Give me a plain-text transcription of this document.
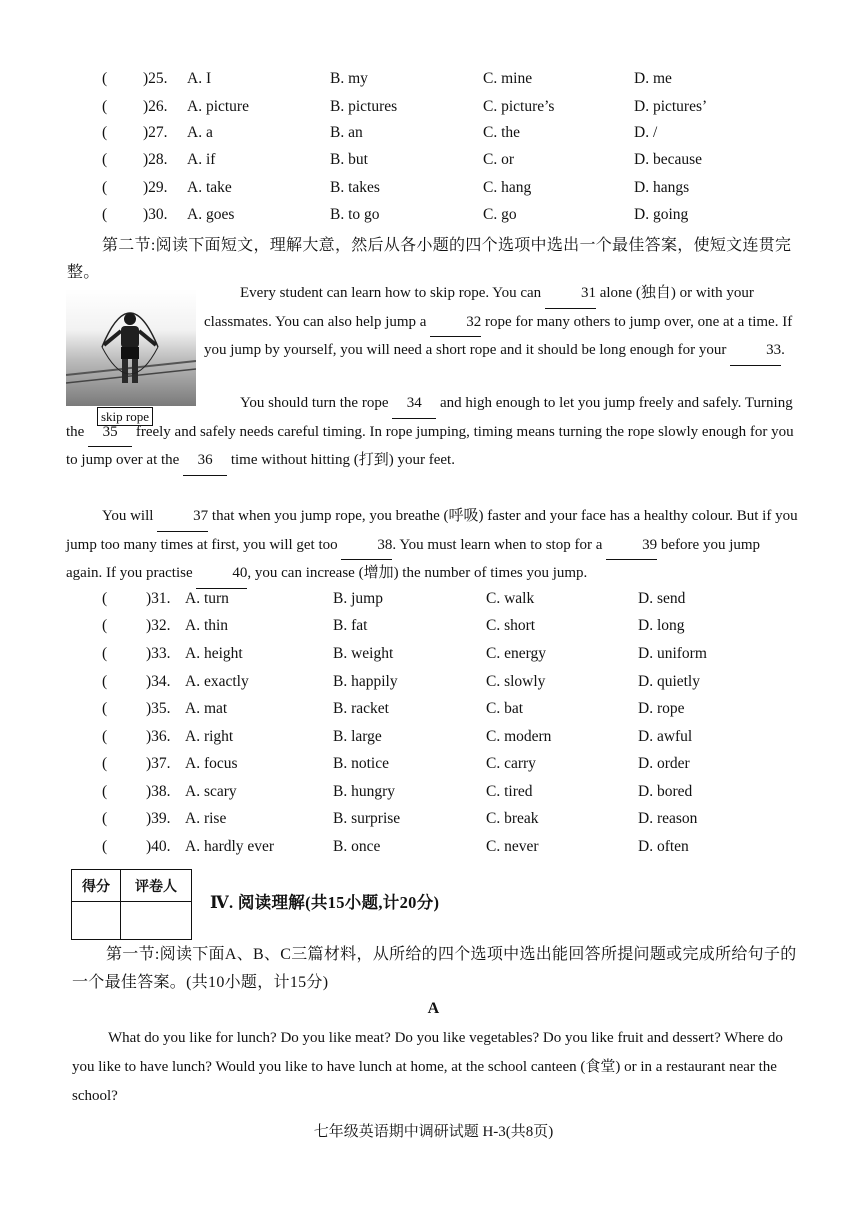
( )25. A. I	B. my	C. mine	D. me
( )26. A. picture	B. pictures	C. picture’s	D. pictures’
( )27. A. a	B. an	C. the	D. /
( )28. A. if	B. but	C. or	D. because
( )29. A. take	B. takes	C. hang	D. hangs
( )30. A. goes	B. to go	C. go	D. going
第二节:阅读下面短文，理解大意，然后从各小题的四个选项中选出一个最佳答案，使短文连贯完整。
skip rope
Every student can learn how to skip rope. You can	31 alone (独自) or with your classmates. You can also help jump a	32 rope for many others to jump over, one at a time. If you jump by yourself, you will need a short rope and it should be long enough for your	33.
You should turn the rope 34 and high enough to let you jump freely and safely. Turning the 35 freely and safely needs careful timing. In rope jumping, timing means turning the rope slowly enough for you to jump over at the 36 time without hitting (打到) your feet.
You will	37 that when you jump rope, you breathe (呼吸) faster and your face has a healthy colour. But if you jump too many times at first, you will get too	38. You must learn when to stop for a	39 before you jump again. If you practise	40, you can increase (增加) the number of times you jump.
(	)31. A. turn	B. jump	C. walk	D. send
(	)32. A. thin	B. fat	C. short	D. long
(	)33. A. height	B. weight	C. energy	D. uniform
(	)34. A. exactly	B. happily	C. slowly	D. quietly
(	)35. A. mat	B. racket	C. bat	D. rope
(	)36. A. right	B. large	C. modern	D. awful
(	)37. A. focus	B. notice	C. carry	D. order
(	)38. A. scary	B. hungry	C. tired	D. bored
(	)39. A. rise	B. surprise	C. break	D. reason
(	)40. A. hardly ever	B. once	C. never	D. often
得分	评卷人

Ⅳ. 阅读理解(共15小题,计20分)
第一节:阅读下面A、B、C三篇材料，从所给的四个选项中选出能回答所提问题或完成所给句子的一个最佳答案。(共10小题，计15分)
A
What do you like for lunch? Do you like meat? Do you like vegetables? Do you like fruit and dessert? Where do you like to have lunch? Would you like to have lunch at home, at the school canteen (食堂) or in a restaurant near the school?
七年级英语期中调研试题 H-3(共8页)
